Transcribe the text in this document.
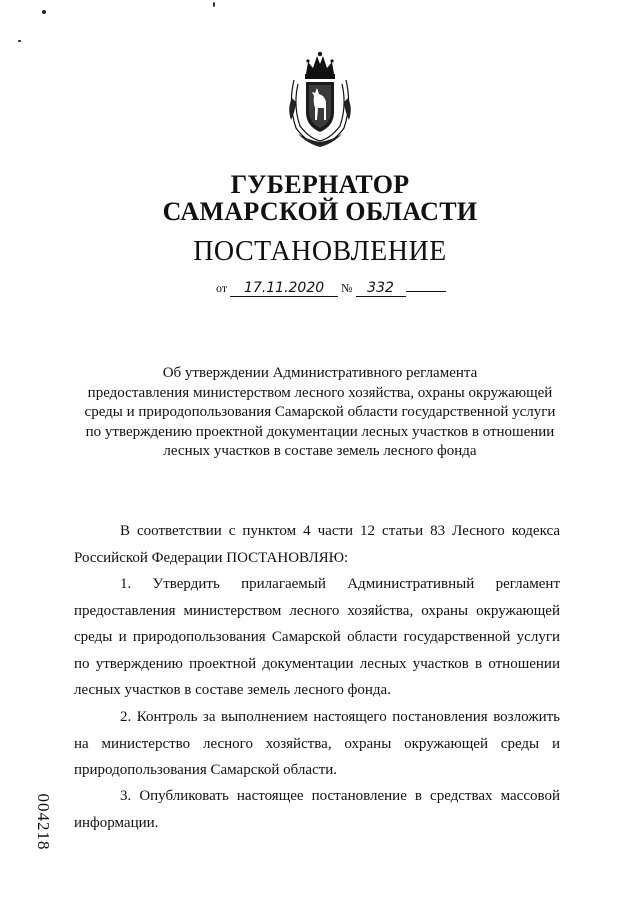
ГУБЕРНАТОР
САМАРСКОЙ ОБЛАСТИ
ПОСТАНОВЛЕНИЕ
от 17.11.2020 № 332
Об утверждении Административного регламента
предоставления министерством лесного хозяйства, охраны окружающей
среды и природопользования Самарской области государственной услуги
по утверждению проектной документации лесных участков в отношении
лесных участков в составе земель лесного фонда
В соответствии с пунктом 4 части 12 статьи 83 Лесного кодекса Российской Федерации ПОСТАНОВЛЯЮ:
1. Утвердить прилагаемый Административный регламент предоставления министерством лесного хозяйства, охраны окружающей среды и природопользования Самарской области государственной услуги по утверждению проектной документации лесных участков в отношении лесных участков в составе земель лесного фонда.
2. Контроль за выполнением настоящего постановления возложить на министерство лесного хозяйства, охраны окружающей среды и природопользования Самарской области.
3. Опубликовать настоящее постановление в средствах массовой информации.
004218
